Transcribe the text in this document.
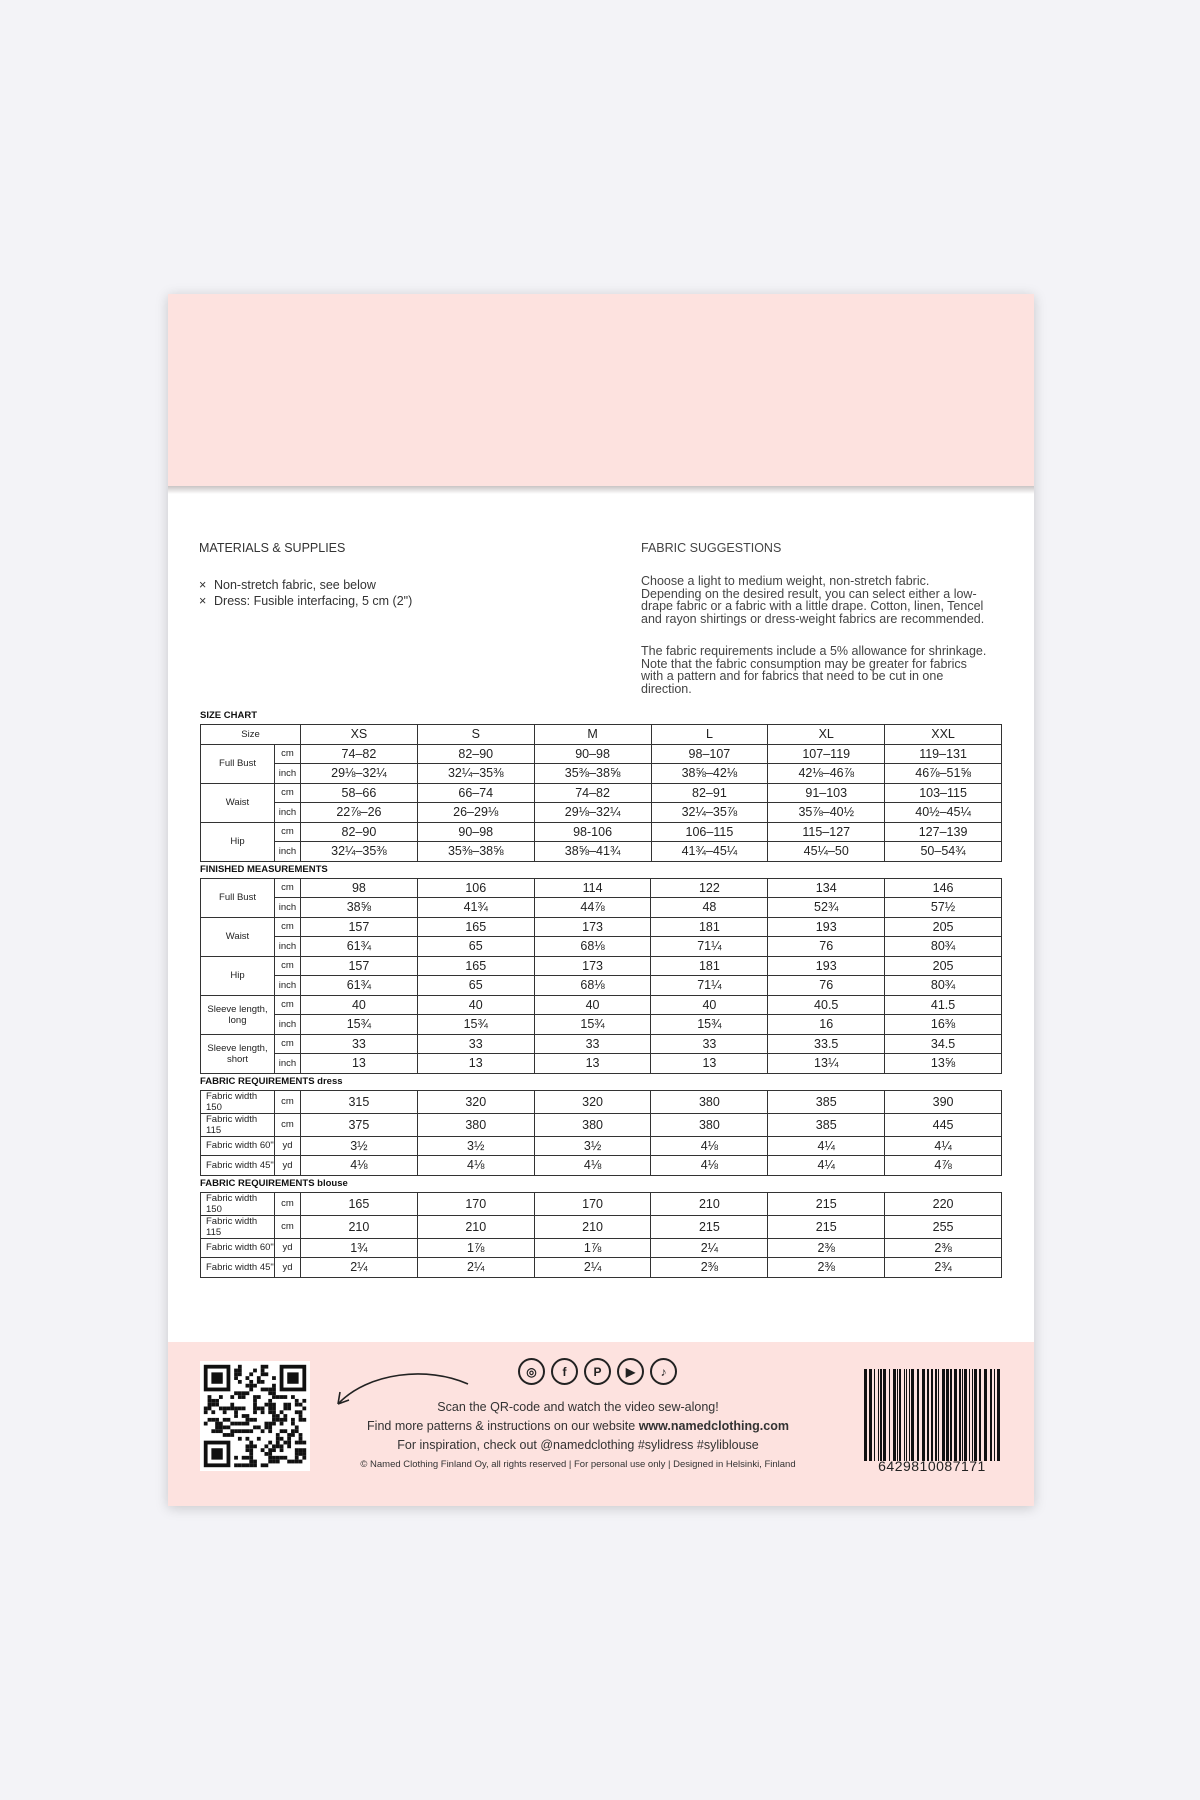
MATERIALS & SUPPLIES
× Non-stretch fabric, see below
× Dress: Fusible interfacing, 5 cm (2")
FABRIC SUGGESTIONS

Choose a light to medium weight, non-stretch fabric. Depending on the desired result, you can select either a low-drape fabric or a fabric with a little drape. Cotton, linen, Tencel and rayon shirtings or dress-weight fabrics are recommended.

The fabric requirements include a 5% allowance for shrinkage. Note that the fabric consumption may be greater for fabrics with a pattern and for fabrics that need to be cut in one direction.

SIZE CHART
Size		XS	S	M	L	XL	XXL
Full Bust	cm	74–82	82–90	90–98	98–107	107–119	119–131
	inch	29⅛–32¼	32¼–35⅜	35⅜–38⅝	38⅝–42⅛	42⅛–46⅞	46⅞–51⅝
Waist	cm	58–66	66–74	74–82	82–91	91–103	103–115
	inch	22⅞–26	26–29⅛	29⅛–32¼	32¼–35⅞	35⅞–40½	40½–45¼
Hip	cm	82–90	90–98	98-106	106–115	115–127	127–139
	inch	32¼–35⅜	35⅜–38⅝	38⅝–41¾	41¾–45¼	45¼–50	50–54¾
FINISHED MEASUREMENTS
Full Bust	cm	98	106	114	122	134	146
	inch	38⅝	41¾	44⅞	48	52¾	57½
Waist	cm	157	165	173	181	193	205
	inch	61¾	65	68⅛	71¼	76	80¾
Hip	cm	157	165	173	181	193	205
	inch	61¾	65	68⅛	71¼	76	80¾
Sleeve length, long	cm	40	40	40	40	40.5	41.5
	inch	15¾	15¾	15¾	15¾	16	16⅜
Sleeve length, short	cm	33	33	33	33	33.5	34.5
	inch	13	13	13	13	13¼	13⅝
FABRIC REQUIREMENTS dress
Fabric width 150	cm	315	320	320	380	385	390
Fabric width 115	cm	375	380	380	380	385	445
Fabric width 60"	yd	3½	3½	3½	4⅛	4¼	4¼
Fabric width 45"	yd	4⅛	4⅛	4⅛	4⅛	4¼	4⅞
FABRIC REQUIREMENTS blouse
Fabric width 150	cm	165	170	170	210	215	220
Fabric width 115	cm	210	210	210	215	215	255
Fabric width 60"	yd	1¾	1⅞	1⅞	2¼	2⅜	2⅜
Fabric width 45"	yd	2¼	2¼	2¼	2⅜	2⅜	2¾
◎	f	P	▶	♪
Scan the QR-code and watch the video sew-along!
Find more patterns & instructions on our website www.namedclothing.com
For inspiration, check out @namedclothing #sylidress #syliblouse
© Named Clothing Finland Oy, all rights reserved | For personal use only | Designed in Helsinki, Finland	6429810087171
